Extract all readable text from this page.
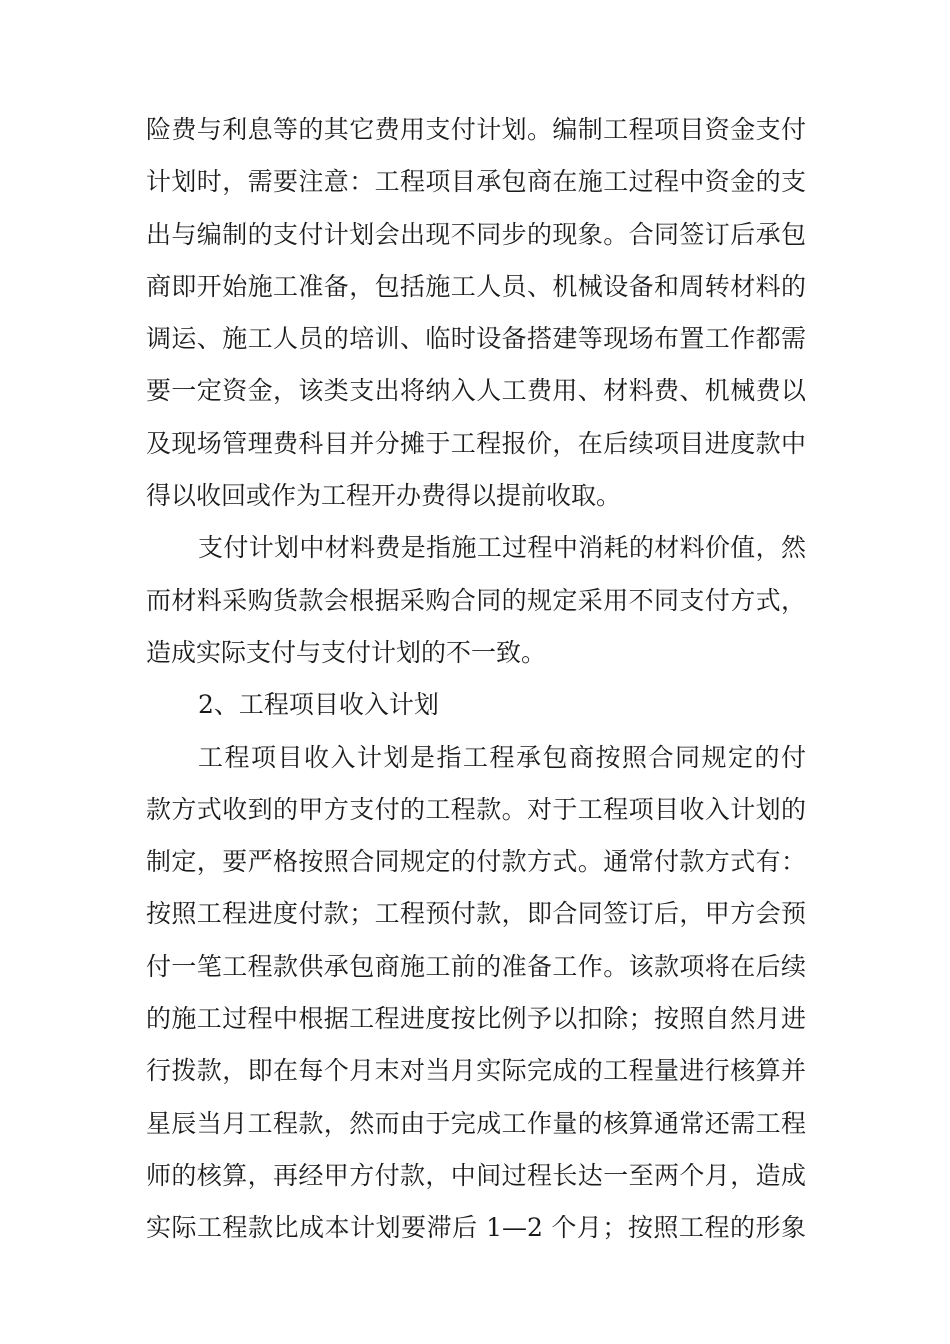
险费与利息等的其它费用支付计划。编制工程项目资金支付
计划时，需要注意：工程项目承包商在施工过程中资金的支
出与编制的支付计划会出现不同步的现象。合同签订后承包
商即开始施工准备，包括施工人员、机械设备和周转材料的
调运、施工人员的培训、临时设备搭建等现场布置工作都需
要一定资金，该类支出将纳入人工费用、材料费、机械费以
及现场管理费科目并分摊于工程报价，在后续项目进度款中
得以收回或作为工程开办费得以提前收取。
支付计划中材料费是指施工过程中消耗的材料价值，然
而材料采购货款会根据采购合同的规定采用不同支付方式，
造成实际支付与支付计划的不一致。
2、工程项目收入计划
工程项目收入计划是指工程承包商按照合同规定的付
款方式收到的甲方支付的工程款。对于工程项目收入计划的
制定，要严格按照合同规定的付款方式。通常付款方式有：
按照工程进度付款；工程预付款，即合同签订后，甲方会预
付一笔工程款供承包商施工前的准备工作。该款项将在后续
的施工过程中根据工程进度按比例予以扣除；按照自然月进
行拨款，即在每个月末对当月实际完成的工程量进行核算并
星辰当月工程款，然而由于完成工作量的核算通常还需工程
师的核算，再经甲方付款，中间过程长达一至两个月，造成
实际工程款比成本计划要滞后 1—2 个月；按照工程的形象
